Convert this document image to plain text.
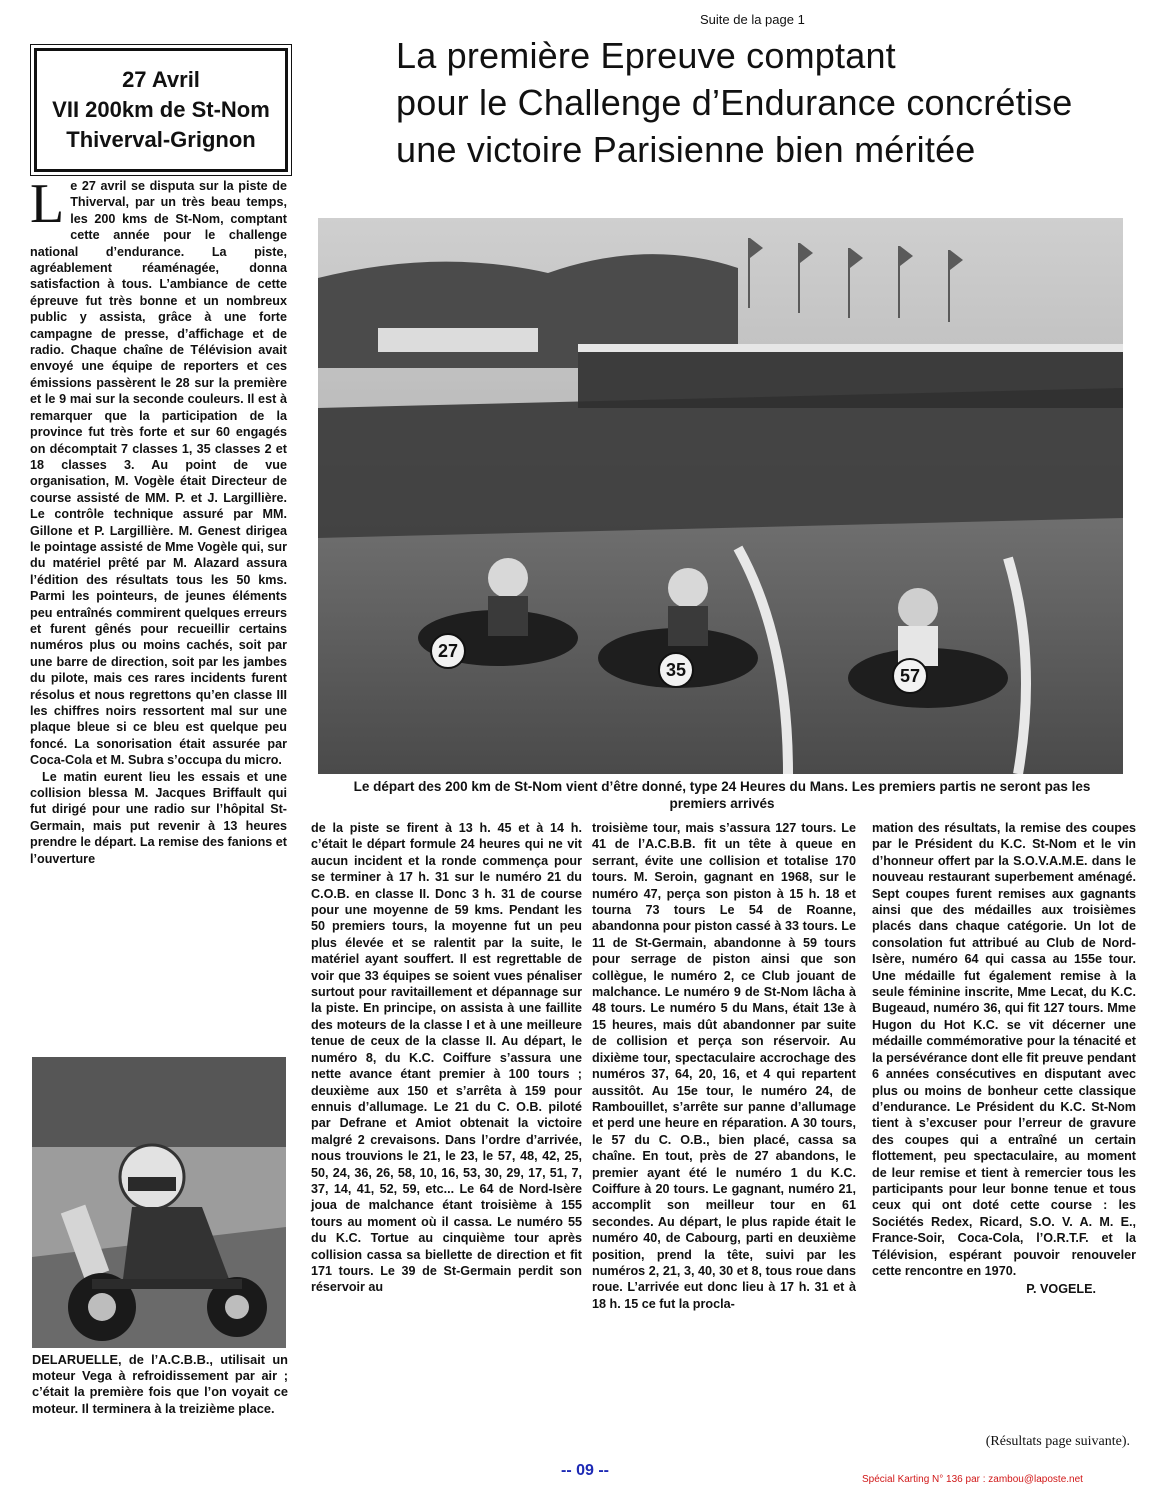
Suite de la page 1
27 Avril
VII 200km de St-Nom
Thiverval-Grignon
La première Epreuve comptant
pour le Challenge d’Endurance concrétise
une victoire Parisienne bien méritée

Le 27 avril se disputa sur la piste de Thiverval, par un très beau temps, les 200 kms de St-Nom, comptant cette année pour le challenge national d’endurance. La piste, agréablement réaménagée, donna satisfaction à tous. L’ambiance de cette épreuve fut très bonne et un nombreux public y assista, grâce à une forte campagne de presse, d’affichage et de radio. Chaque chaîne de Télévision avait envoyé une équipe de reporters et ces émissions passèrent le 28 sur la première et le 9 mai sur la seconde couleurs. Il est à remarquer que la participation de la province fut très forte et sur 60 engagés on décomptait 7 classes 1, 35 classes 2 et 18 classes 3. Au point de vue organisation, M. Vogèle était Directeur de course assisté de MM. P. et J. Largillière. Le contrôle technique assuré par MM. Gillone et P. Largillière. M. Genest dirigea le pointage assisté de Mme Vogèle qui, sur du matériel prêté par M. Alazard assura l’édition des résultats tous les 50 kms. Parmi les pointeurs, de jeunes éléments peu entraînés commirent quelques erreurs et furent gênés pour recueillir certains numéros plus ou moins cachés, soit par une barre de direction, soit par les jambes du pilote, mais ces rares incidents furent résolus et nous regrettons qu’en classe III les chiffres noirs ressortent mal sur une plaque bleue si ce bleu est quelque peu foncé. La sonorisation était assurée par Coca-Cola et M. Subra s’occupa du micro.

Le matin eurent lieu les essais et une collision blessa M. Jacques Briffault qui fut dirigé pour une radio sur l’hôpital St-Germain, mais put revenir à 13 heures prendre le départ. La remise des fanions et l’ouverture

27
35	57
Le départ des 200 km de St-Nom vient d’être donné, type 24 Heures du Mans. Les premiers partis ne seront pas les premiers arrivés

de la piste se firent à 13 h. 45 et à 14 h. c’était le départ formule 24 heures qui ne vit aucun incident et la ronde commença pour se terminer à 17 h. 31 sur le numéro 21 du C.O.B. en classe II. Donc 3 h. 31 de course pour une moyenne de 59 kms. Pendant les 50 premiers tours, la moyenne fut un peu plus élevée et se ralentit par la suite, le matériel ayant souffert. Il est regrettable de voir que 33 équipes se soient vues pénaliser surtout pour ravitaillement et dépannage sur la piste. En principe, on assista à une faillite des moteurs de la classe I et à une meilleure tenue de ceux de la classe II. Au départ, le numéro 8, du K.C. Coiffure s’assura une nette avance étant premier à 100 tours ; deuxième aux 150 et s’arrêta à 159 pour ennuis d’allumage. Le 21 du C. O.B. piloté par Defrane et Amiot obtenait la victoire malgré 2 crevaisons. Dans l’ordre d’arrivée, nous trouvions le 21, le 23, le 57, 48, 42, 25, 50, 24, 36, 26, 58, 10, 16, 53, 30, 29, 17, 51, 7, 37, 14, 41, 52, 59, etc... Le 64 de Nord-Isère joua de malchance étant troisième à 155 tours au moment où il cassa. Le numéro 55 du K.C. Tortue au cinquième tour après collision cassa sa biellette de direction et fit 171 tours. Le 39 de St-Germain perdit son réservoir au

troisième tour, mais s’assura 127 tours. Le 41 de l’A.C.B.B. fit un tête à queue en serrant, évite une collision et totalise 170 tours. M. Seroin, gagnant en 1968, sur le numéro 47, perça son piston à 15 h. 18 et tourna 73 tours Le 54 de Roanne, abandonna pour piston cassé à 33 tours. Le 11 de St-Germain, abandonne à 59 tours pour serrage de piston ainsi que son collègue, le numéro 2, ce Club jouant de malchance. Le numéro 9 de St-Nom lâcha à 48 tours. Le numéro 5 du Mans, était 13e à 15 heures, mais dût abandonner par suite de collision et perça son réservoir. Au dixième tour, spectaculaire accrochage des numéros 37, 64, 20, 16, et 4 qui repartent aussitôt. Au 15e tour, le numéro 24, de Rambouillet, s’arrête sur panne d’allumage et perd une heure en réparation. A 30 tours, le 57 du C. O.B., bien placé, cassa sa chaîne. En tout, près de 27 abandons, le premier ayant été le numéro 1 du K.C. Coiffure à 20 tours. Le gagnant, numéro 21, accomplit son meilleur tour en 61 secondes. Au départ, le plus rapide était le numéro 40, de Cabourg, parti en deuxième position, prend la tête, suivi par les numéros 2, 21, 3, 40, 30 et 8, tous roue dans roue. L’arrivée eut donc lieu à 17 h. 31 et à 18 h. 15 ce fut la procla-

mation des résultats, la remise des coupes par le Président du K.C. St-Nom et le vin d’honneur offert par la S.O.V.A.M.E. dans le nouveau restaurant superbement aménagé. Sept coupes furent remises aux gagnants ainsi que des médailles aux troisièmes placés dans chaque catégorie. Un lot de consolation fut attribué au Club de Nord-Isère, numéro 64 qui cassa au 155e tour. Une médaille fut également remise à la seule féminine inscrite, Mme Lecat, du K.C. Bugeaud, numéro 36, qui fit 127 tours. Mme Hugon du Hot K.C. se vit décerner une médaille commémorative pour la ténacité et la persévérance dont elle fit preuve pendant 6 années consécutives en disputant avec plus ou moins de bonheur cette classique d’endurance. Le Président du K.C. St-Nom tient à s’excuser pour l’erreur de gravure des coupes qui a entraîné un certain flottement, peu spectaculaire, au moment de leur remise et tient à remercier tous les participants pour leur bonne tenue et tous ceux qui ont doté cette course : les Sociétés Redex, Ricard, S.O. V. A. M. E., France-Soir, Coca-Cola, l’O.R.T.F. et la Télévision, espérant pouvoir renouveler cette rencontre en 1970.

P. VOGELE.
DELARUELLE, de l’A.C.B.B., utilisait un moteur Vega à refroidissement par air ; c’était la première fois que l’on voyait ce moteur. Il terminera à la treizième place.
(Résultats page suivante).
-- 09 --
Spécial Karting N° 136 par : zambou@laposte.net
